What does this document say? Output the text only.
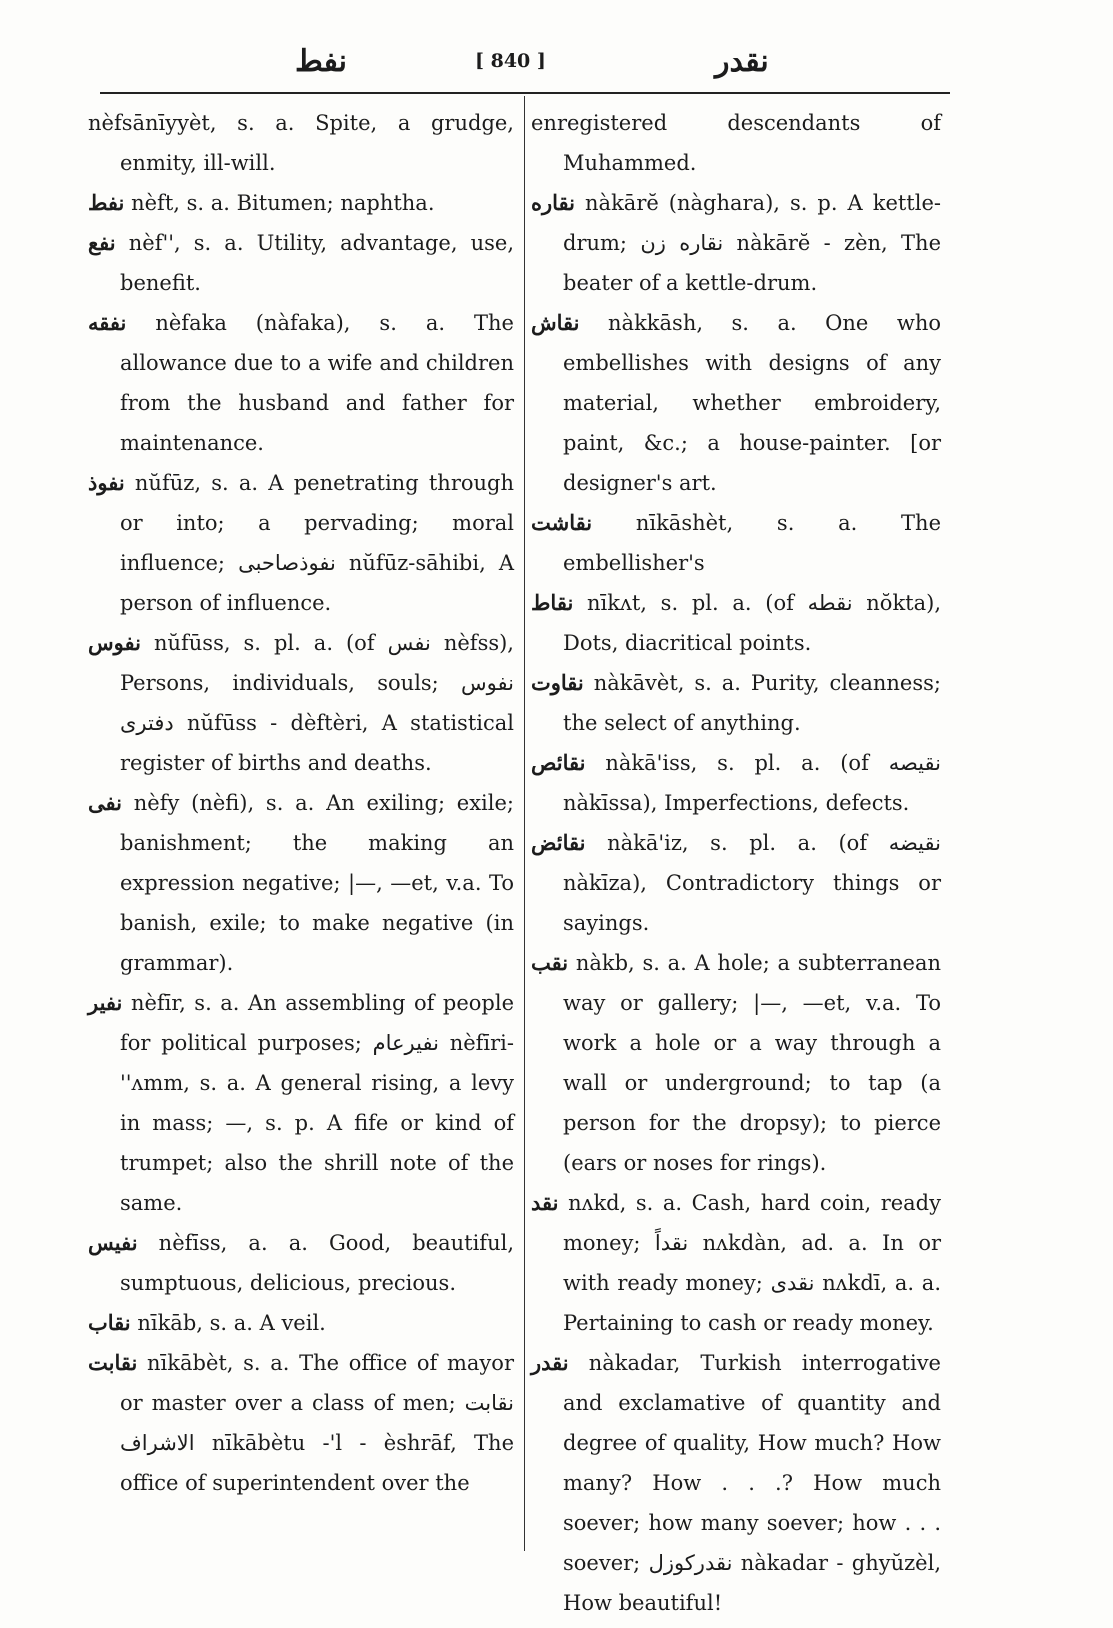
نفط	[ 840 ]	نقدر

nèfsānīyyèt, s. a. Spite, a grudge, enmity, ill-will.

نفط nèft, s. a. Bitumen; naphtha.

نفع nèf'', s. a. Utility, advantage, use, benefit.

نفقه nèfaka (nàfaka), s. a. The allowance due to a wife and children from the husband and father for maintenance.

نفوذ nŭfūz, s. a. A penetrating through or into; a pervading; moral influence; نفوذصاحبى nŭfūz-sāhibi, A person of influence.

نفوس nŭfūss, s. pl. a. (of نفس nèfss), Persons, individuals, souls; نفوس دفترى nŭfūss - dèftèri, A statistical register of births and deaths.

نفى nèfy (nèfi), s. a. An exiling; exile; banishment; the making an expression negative; |—, —et, v.a. To banish, exile; to make negative (in grammar).

نفير nèfīr, s. a. An assembling of people for political purposes; نفيرعام nèfīri-''ʌmm, s. a. A general rising, a levy in mass; —, s. p. A fife or kind of trumpet; also the shrill note of the same.

نفيس nèfīss, a. a. Good, beautiful, sumptuous, delicious, precious.

نقاب nīkāb, s. a. A veil.

نقابت nīkābèt, s. a. The office of mayor or master over a class of men; نقابت الاشراف nīkābètu -'l - èshrāf, The office of superintendent over the

enregistered descendants of Muhammed.

نقاره nàkārĕ (nàghara), s. p. A kettle-drum; نقاره زن nàkārĕ - zèn, The beater of a kettle-drum.

نقاش nàkkāsh, s. a. One who embellishes with designs of any material, whether embroidery, paint, &c.; a house-painter. [or designer's art.

نقاشت nīkāshèt, s. a. The embellisher's

نقاط nīkʌt, s. pl. a. (of نقطه nŏkta), Dots, diacritical points.

نقاوت nàkāvèt, s. a. Purity, cleanness; the select of anything.

نقائص nàkā'iss, s. pl. a. (of نقيصه nàkīssa), Imperfections, defects.

نقائض nàkā'iz, s. pl. a. (of نقيضه nàkīza), Contradictory things or sayings.

نقب nàkb, s. a. A hole; a subterranean way or gallery; |—, —et, v.a. To work a hole or a way through a wall or underground; to tap (a person for the dropsy); to pierce (ears or noses for rings).

نقد nʌkd, s. a. Cash, hard coin, ready money; نقداً nʌkdàn, ad. a. In or with ready money; نقدى nʌkdī, a. a. Pertaining to cash or ready money.

نقدر nàkadar, Turkish interrogative and exclamative of quantity and degree of quality, How much? How many? How . . .? How much soever; how many soever; how . . . soever; نقدركوزل nàkadar - ghyŭzèl, How beautiful!
